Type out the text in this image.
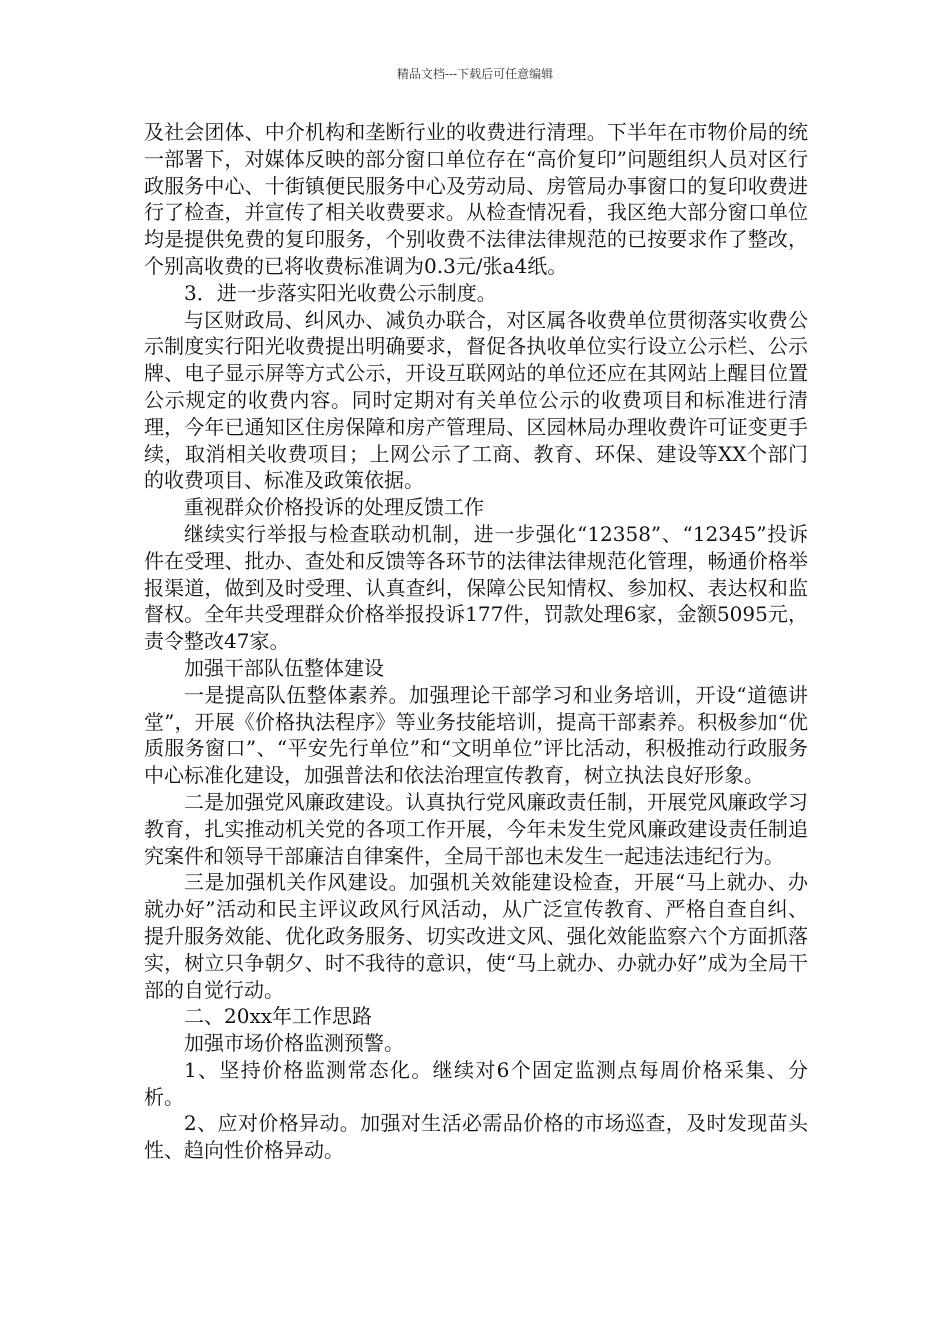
精品文档---下载后可任意编辑

及社会团体、中介机构和垄断行业的收费进行清理。下半年在市物价局的统一部署下，对媒体反映的部分窗口单位存在“高价复印”问题组织人员对区行政服务中心、十街镇便民服务中心及劳动局、房管局办事窗口的复印收费进行了检查，并宣传了相关收费要求。从检查情况看，我区绝大部分窗口单位均是提供免费的复印服务，个别收费不法律法律规范的已按要求作了整改，个别高收费的已将收费标准调为0.3元/张a4纸。

3．进一步落实阳光收费公示制度。

与区财政局、纠风办、减负办联合，对区属各收费单位贯彻落实收费公示制度实行阳光收费提出明确要求，督促各执收单位实行设立公示栏、公示牌、电子显示屏等方式公示，开设互联网站的单位还应在其网站上醒目位置公示规定的收费内容。同时定期对有关单位公示的收费项目和标准进行清理，今年已通知区住房保障和房产管理局、区园林局办理收费许可证变更手续，取消相关收费项目；上网公示了工商、教育、环保、建设等XX个部门的收费项目、标准及政策依据。

重视群众价格投诉的处理反馈工作

继续实行举报与检查联动机制，进一步强化“12358”、“12345”投诉件在受理、批办、查处和反馈等各环节的法律法律规范化管理，畅通价格举报渠道，做到及时受理、认真查纠，保障公民知情权、参加权、表达权和监督权。全年共受理群众价格举报投诉177件，罚款处理6家，金额5095元，责令整改47家。

加强干部队伍整体建设

一是提高队伍整体素养。加强理论干部学习和业务培训，开设“道德讲堂”，开展《价格执法程序》等业务技能培训，提高干部素养。积极参加“优质服务窗口”、“平安先行单位”和“文明单位”评比活动，积极推动行政服务中心标准化建设，加强普法和依法治理宣传教育，树立执法良好形象。

二是加强党风廉政建设。认真执行党风廉政责任制，开展党风廉政学习教育，扎实推动机关党的各项工作开展，今年未发生党风廉政建设责任制追究案件和领导干部廉洁自律案件，全局干部也未发生一起违法违纪行为。

三是加强机关作风建设。加强机关效能建设检查，开展“马上就办、办就办好”活动和民主评议政风行风活动，从广泛宣传教育、严格自查自纠、提升服务效能、优化政务服务、切实改进文风、强化效能监察六个方面抓落实，树立只争朝夕、时不我待的意识，使“马上就办、办就办好”成为全局干部的自觉行动。

二、20xx年工作思路

加强市场价格监测预警。

1、坚持价格监测常态化。继续对6个固定监测点每周价格采集、分析。

2、应对价格异动。加强对生活必需品价格的市场巡查，及时发现苗头性、趋向性价格异动。
